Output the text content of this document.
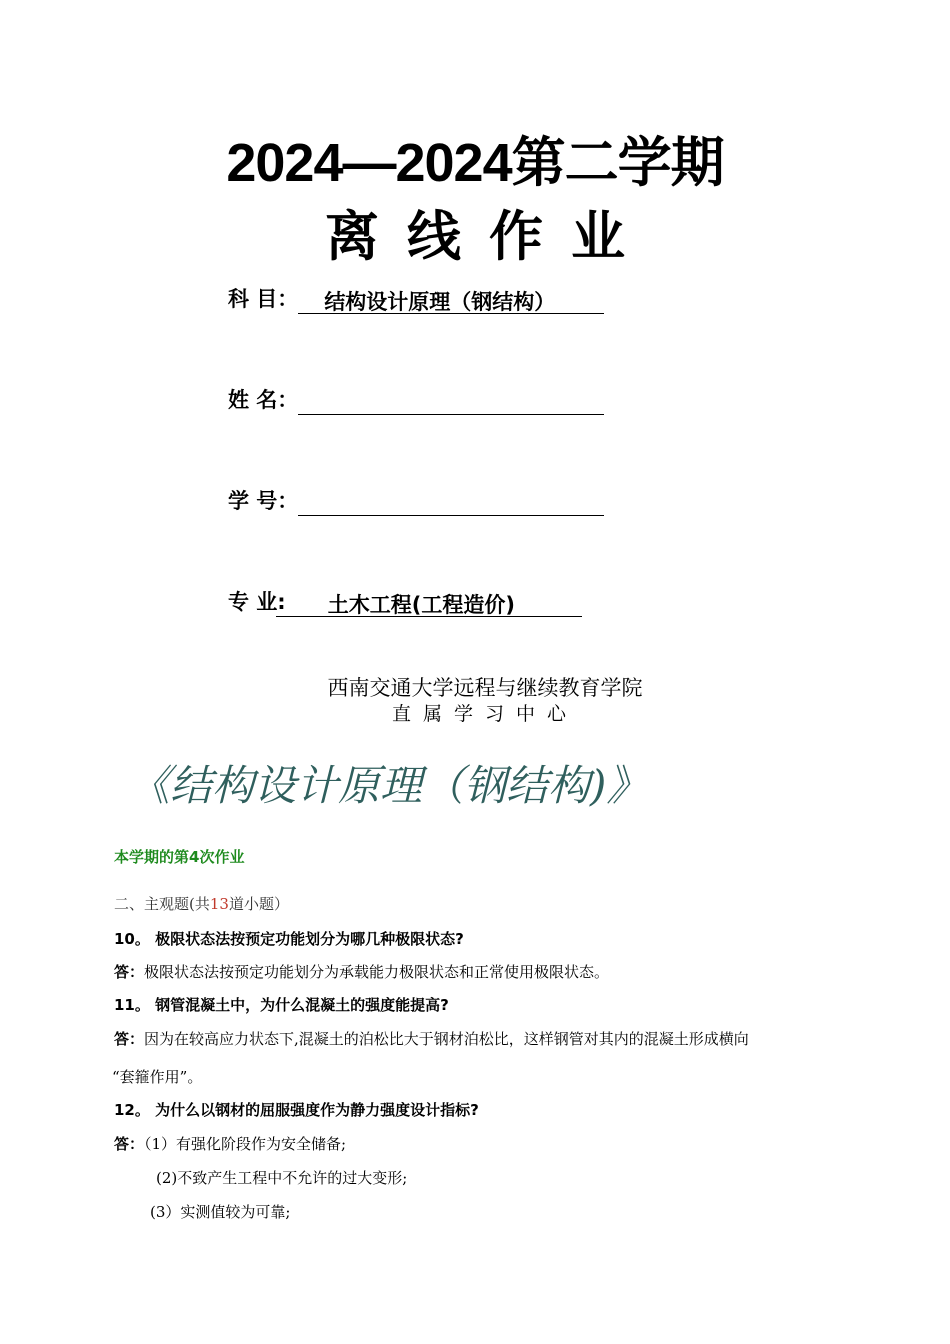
2024—2024第二学期
离线作业
科 目：	结构设计原理（钢结构）
姓 名：
学 号：
专 业:	土木工程(工程造价)
西南交通大学远程与继续教育学院
直属学习中心
《结构设计原理（钢结构)》
本学期的第4次作业
二、主观题(共13道小题）
10。 极限状态法按预定功能划分为哪几种极限状态?
答：极限状态法按预定功能划分为承载能力极限状态和正常使用极限状态。
11。 钢管混凝土中，为什么混凝土的强度能提高?
答：因为在较高应力状态下,混凝土的泊松比大于钢材泊松比，这样钢管对其内的混凝土形成横向
“套箍作用”。
12。 为什么以钢材的屈服强度作为静力强度设计指标?
答：（1）有强化阶段作为安全储备;
(2)不致产生工程中不允许的过大变形;
(3）实测值较为可靠;
